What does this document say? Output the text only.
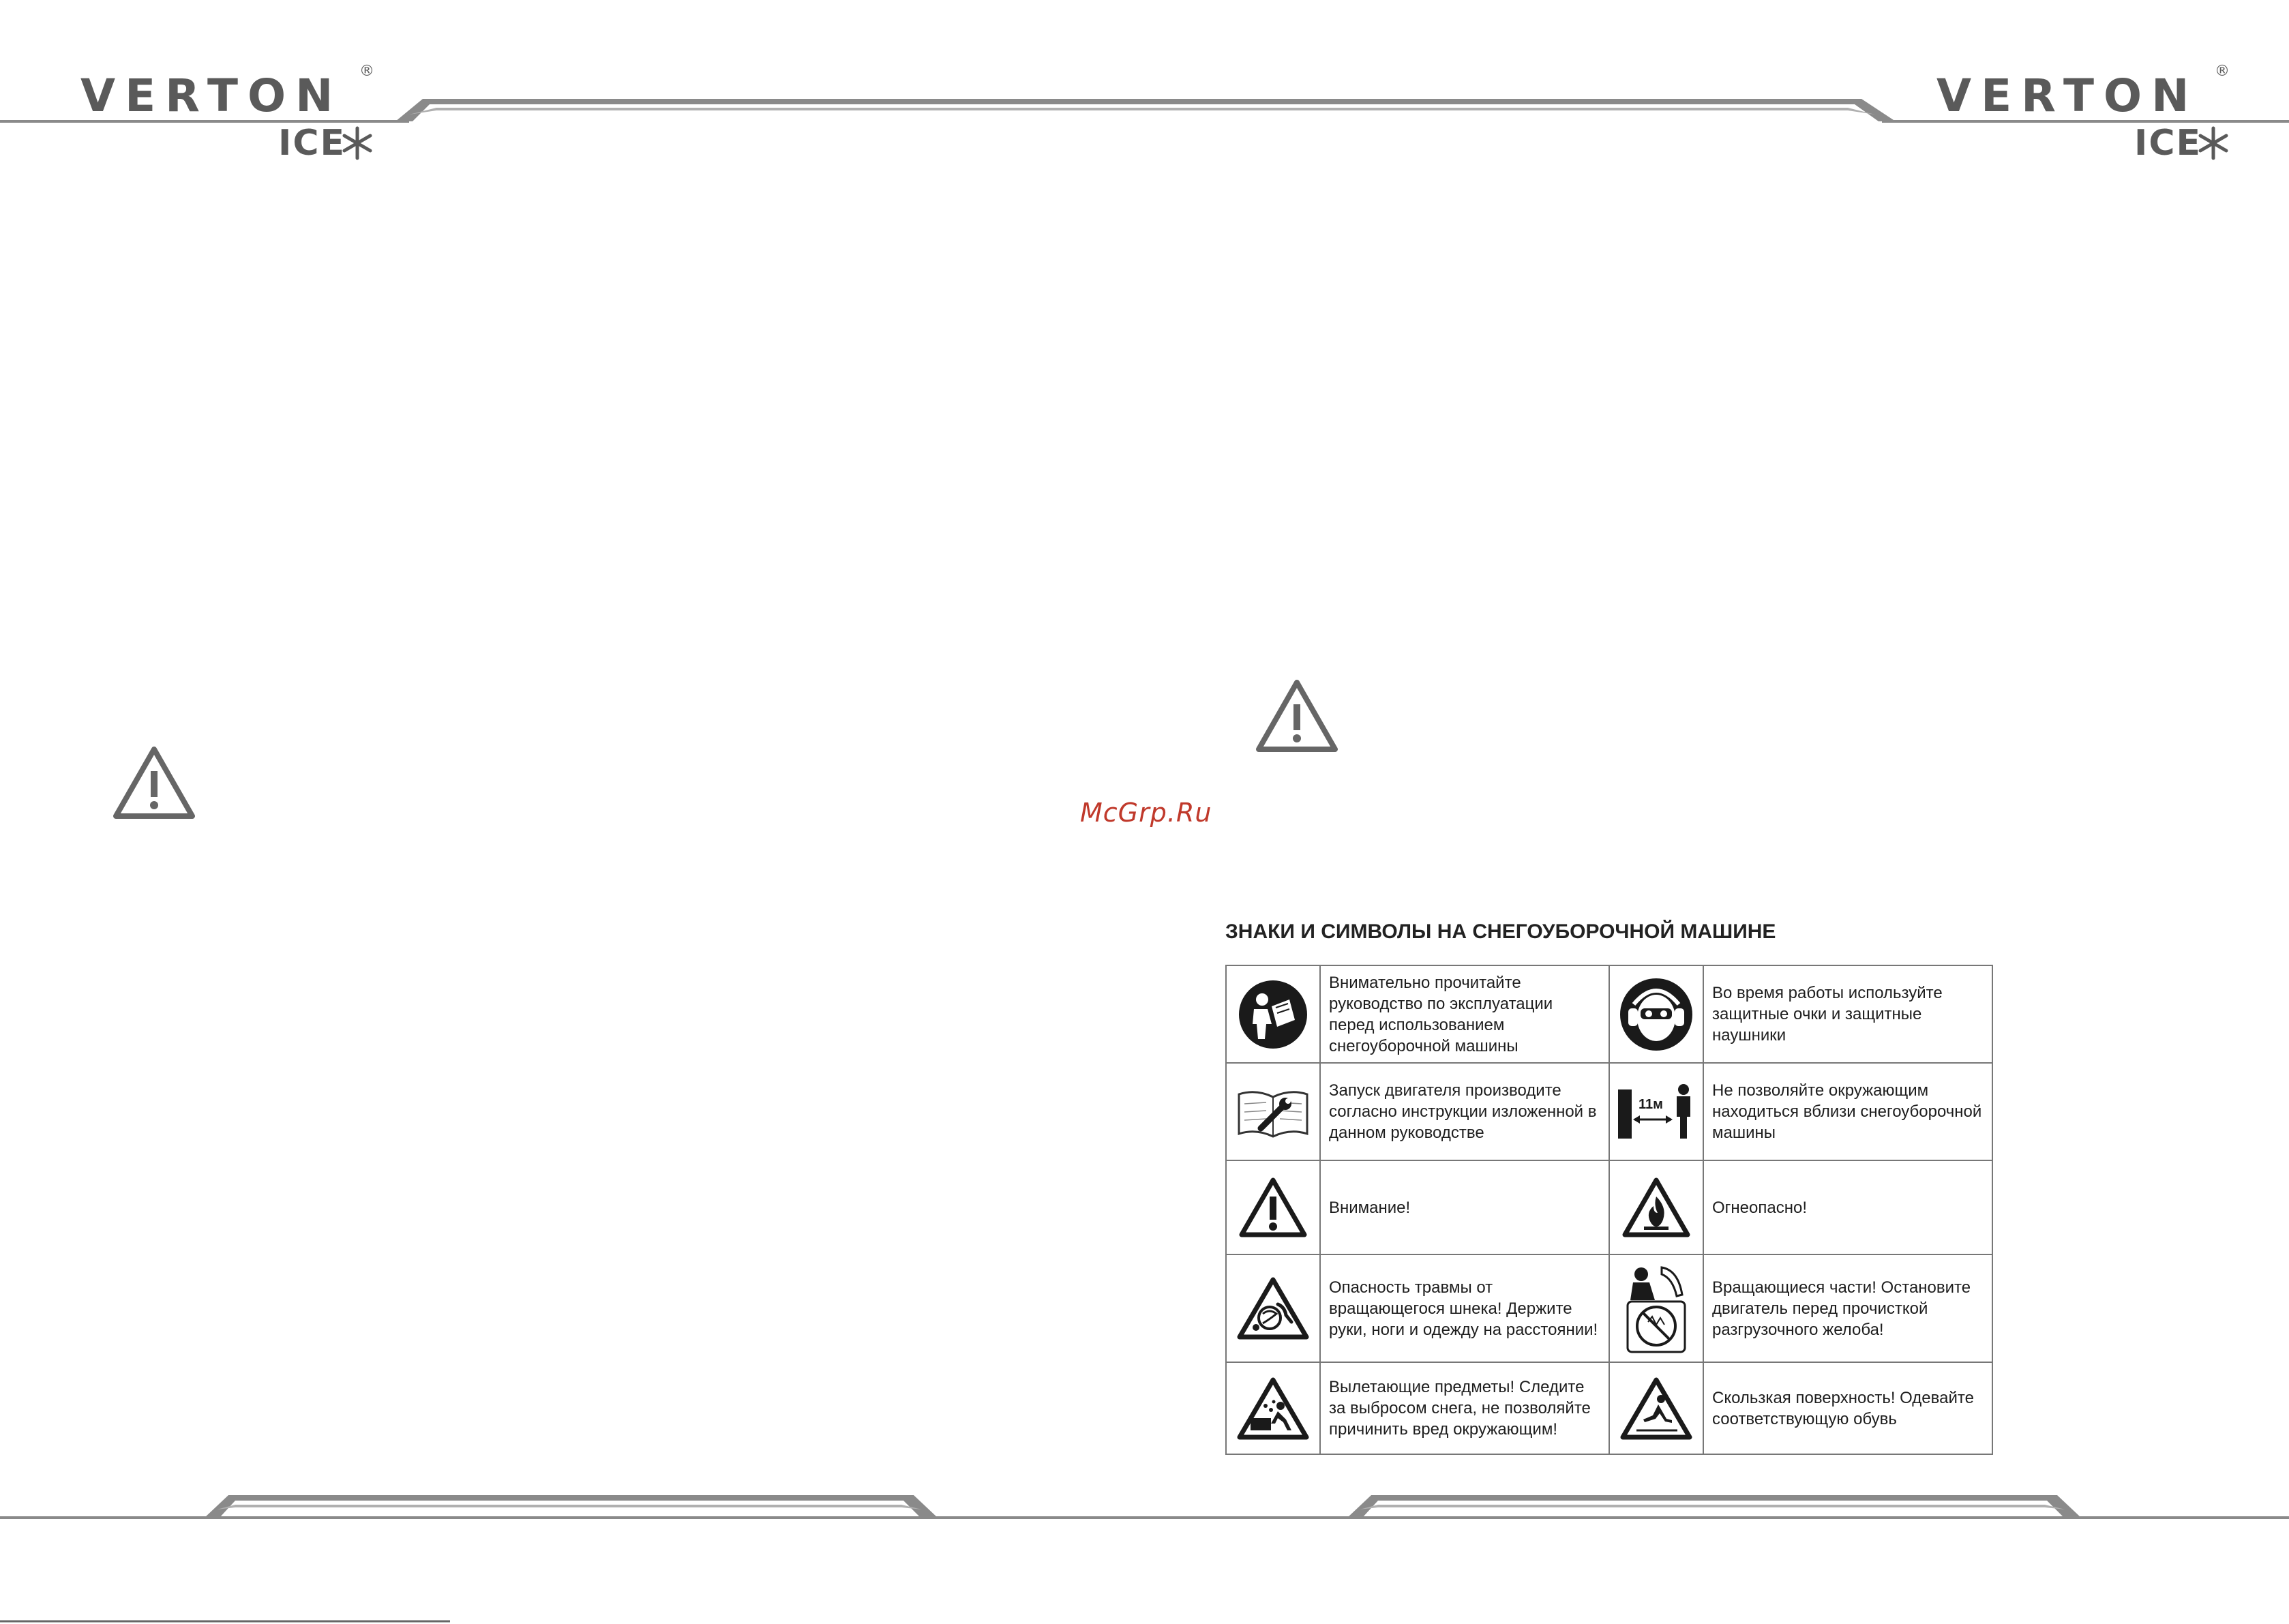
VERTON ®
ICE
VERTON ®
ICE
McGrp.Ru
ЗНАКИ И СИМВОЛЫ НА СНЕГОУБОРОЧНОЙ МАШИНЕ
	Внимательно прочитайте руководство по эксплуатации перед использованием снегоуборочной машины		Во время работы используйте защитные очки и защитные наушники

	Запуск двигателя производите согласно инструкции изложенной в данном руководстве	11м	Не позволяйте окружающим находиться вблизи снегоуборочной машины

	Внимание!		Огнеопасно!

	Опасность травмы от вращающегося шнека! Держите руки, ноги и одежду на расстоянии!		Вращающиеся части! Остановите двигатель перед прочисткой разгрузочного желоба!

	Вылетающие предметы! Следите за выбросом снега, не позволяйте причинить вред окружающим!		Скользкая поверхность! Одевайте соответствующую обувь
